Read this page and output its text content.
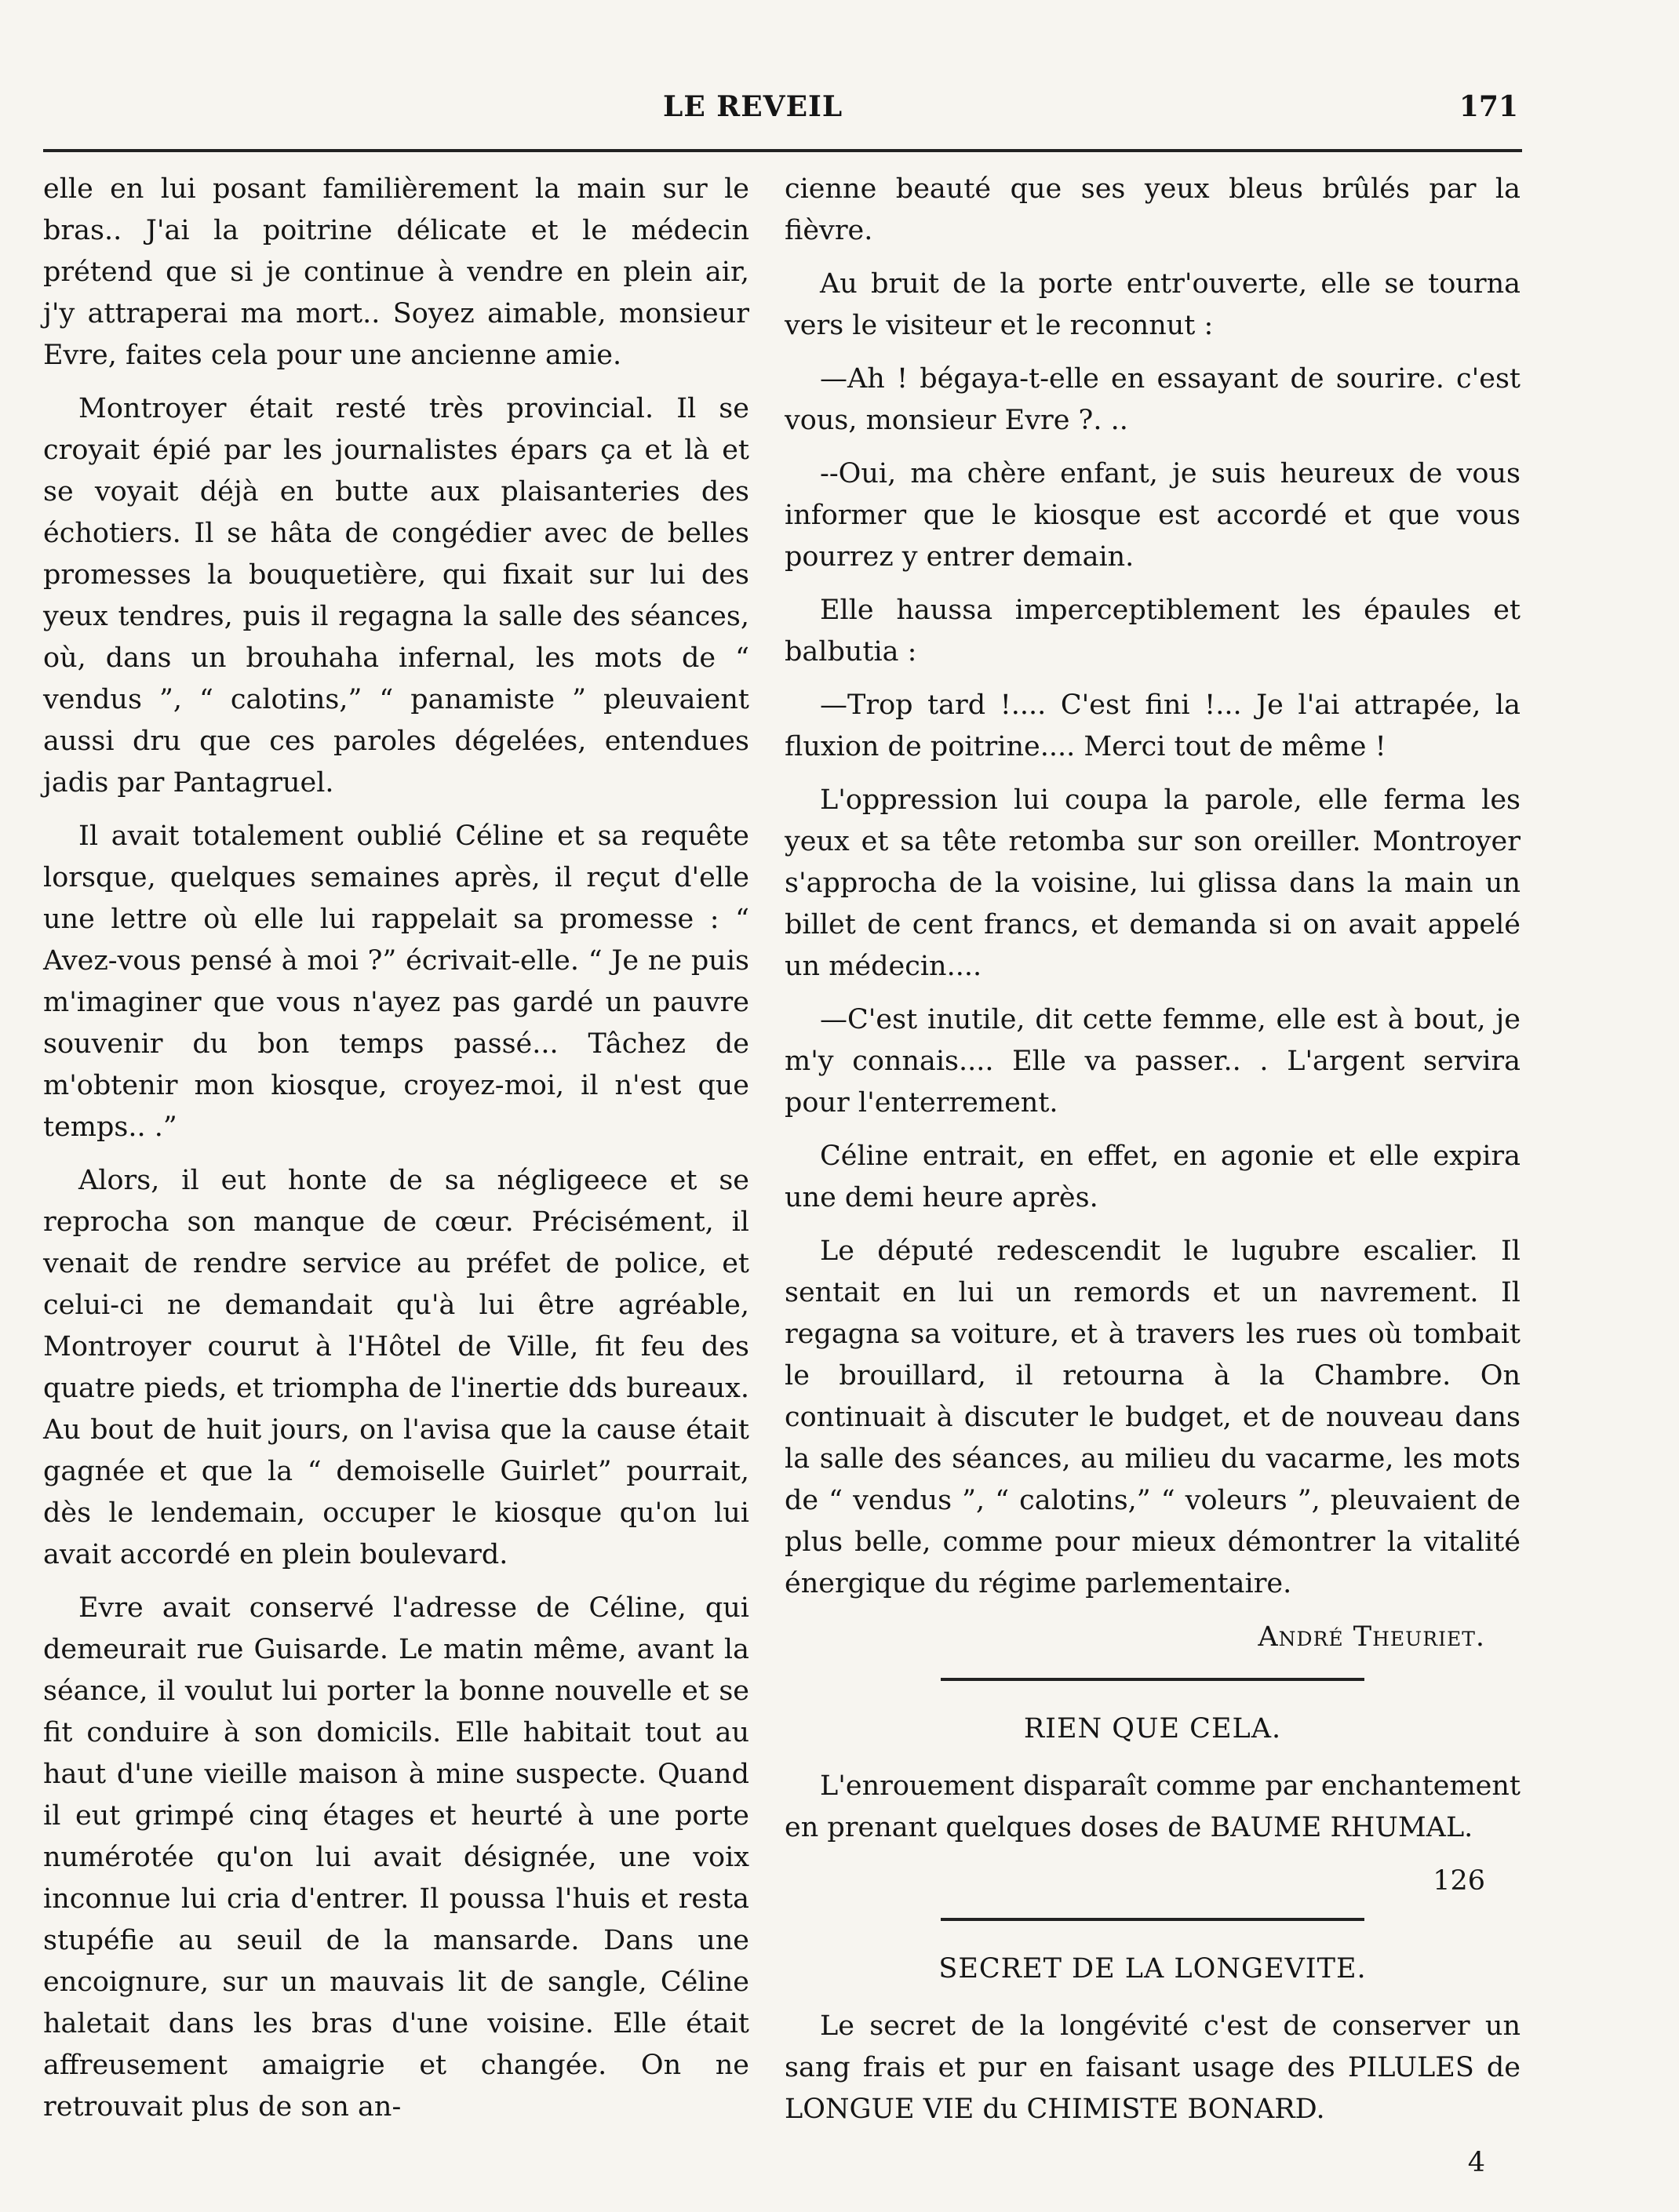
LE REVEIL	171

elle en lui posant familièrement la main sur le bras.. J'ai la poitrine délicate et le médecin prétend que si je continue à vendre en plein air, j'y attraperai ma mort.. Soyez aimable, monsieur Evre, faites cela pour une ancienne amie.

Montroyer était resté très provincial. Il se croyait épié par les journalistes épars ça et là et se voyait déjà en butte aux plaisanteries des échotiers. Il se hâta de congédier avec de belles promesses la bouquetière, qui fixait sur lui des yeux tendres, puis il regagna la salle des séances, où, dans un brouhaha infernal, les mots de “ vendus ”, “ calotins,” “ panamiste ” pleuvaient aussi dru que ces paroles dégelées, entendues jadis par Pantagruel.

Il avait totalement oublié Céline et sa requête lorsque, quelques semaines après, il reçut d'elle une lettre où elle lui rappelait sa promesse : “ Avez-vous pensé à moi ?” écrivait-elle. “ Je ne puis m'imaginer que vous n'ayez pas gardé un pauvre souvenir du bon temps passé... Tâchez de m'obtenir mon kiosque, croyez-moi, il n'est que temps.. .”

Alors, il eut honte de sa négligeece et se reprocha son manque de cœur. Précisément, il venait de rendre service au préfet de police, et celui-ci ne demandait qu'à lui être agréable, Montroyer courut à l'Hôtel de Ville, fit feu des quatre pieds, et triompha de l'inertie dds bureaux. Au bout de huit jours, on l'avisa que la cause était gagnée et que la “ demoiselle Guirlet” pourrait, dès le lendemain, occuper le kiosque qu'on lui avait accordé en plein boulevard.

Evre avait conservé l'adresse de Céline, qui demeurait rue Guisarde. Le matin même, avant la séance, il voulut lui porter la bonne nouvelle et se fit conduire à son domicils. Elle habitait tout au haut d'une vieille maison à mine suspecte. Quand il eut grimpé cinq étages et heurté à une porte numérotée qu'on lui avait désignée, une voix inconnue lui cria d'entrer. Il poussa l'huis et resta stupéfie au seuil de la mansarde. Dans une encoignure, sur un mauvais lit de sangle, Céline haletait dans les bras d'une voisine. Elle était affreusement amaigrie et changée. On ne retrouvait plus de son an-

cienne beauté que ses yeux bleus brûlés par la fièvre.

Au bruit de la porte entr'ouverte, elle se tourna vers le visiteur et le reconnut :

—Ah ! bégaya-t-elle en essayant de sourire. c'est vous, monsieur Evre ?. ..

--Oui, ma chère enfant, je suis heureux de vous informer que le kiosque est accordé et que vous pourrez y entrer demain.

Elle haussa imperceptiblement les épaules et balbutia :

—Trop tard !.... C'est fini !... Je l'ai attrapée, la fluxion de poitrine.... Merci tout de même !

L'oppression lui coupa la parole, elle ferma les yeux et sa tête retomba sur son oreiller. Montroyer s'approcha de la voisine, lui glissa dans la main un billet de cent francs, et demanda si on avait appelé un médecin....

—C'est inutile, dit cette femme, elle est à bout, je m'y connais.... Elle va passer.. . L'argent servira pour l'enterrement.

Céline entrait, en effet, en agonie et elle expira une demi heure après.

Le député redescendit le lugubre escalier. Il sentait en lui un remords et un navrement. Il regagna sa voiture, et à travers les rues où tombait le brouillard, il retourna à la Chambre. On continuait à discuter le budget, et de nouveau dans la salle des séances, au milieu du vacarme, les mots de “ vendus ”, “ calotins,” “ voleurs ”, pleuvaient de plus belle, comme pour mieux démontrer la vitalité énergique du régime parlementaire.

André Theuriet.
RIEN QUE CELA.

L'enrouement disparaît comme par enchantement en prenant quelques doses de BAUME RHUMAL.

126
SECRET DE LA LONGEVITE.

Le secret de la longévité c'est de conserver un sang frais et pur en faisant usage des PILULES de LONGUE VIE du CHIMISTE BONARD.

4
